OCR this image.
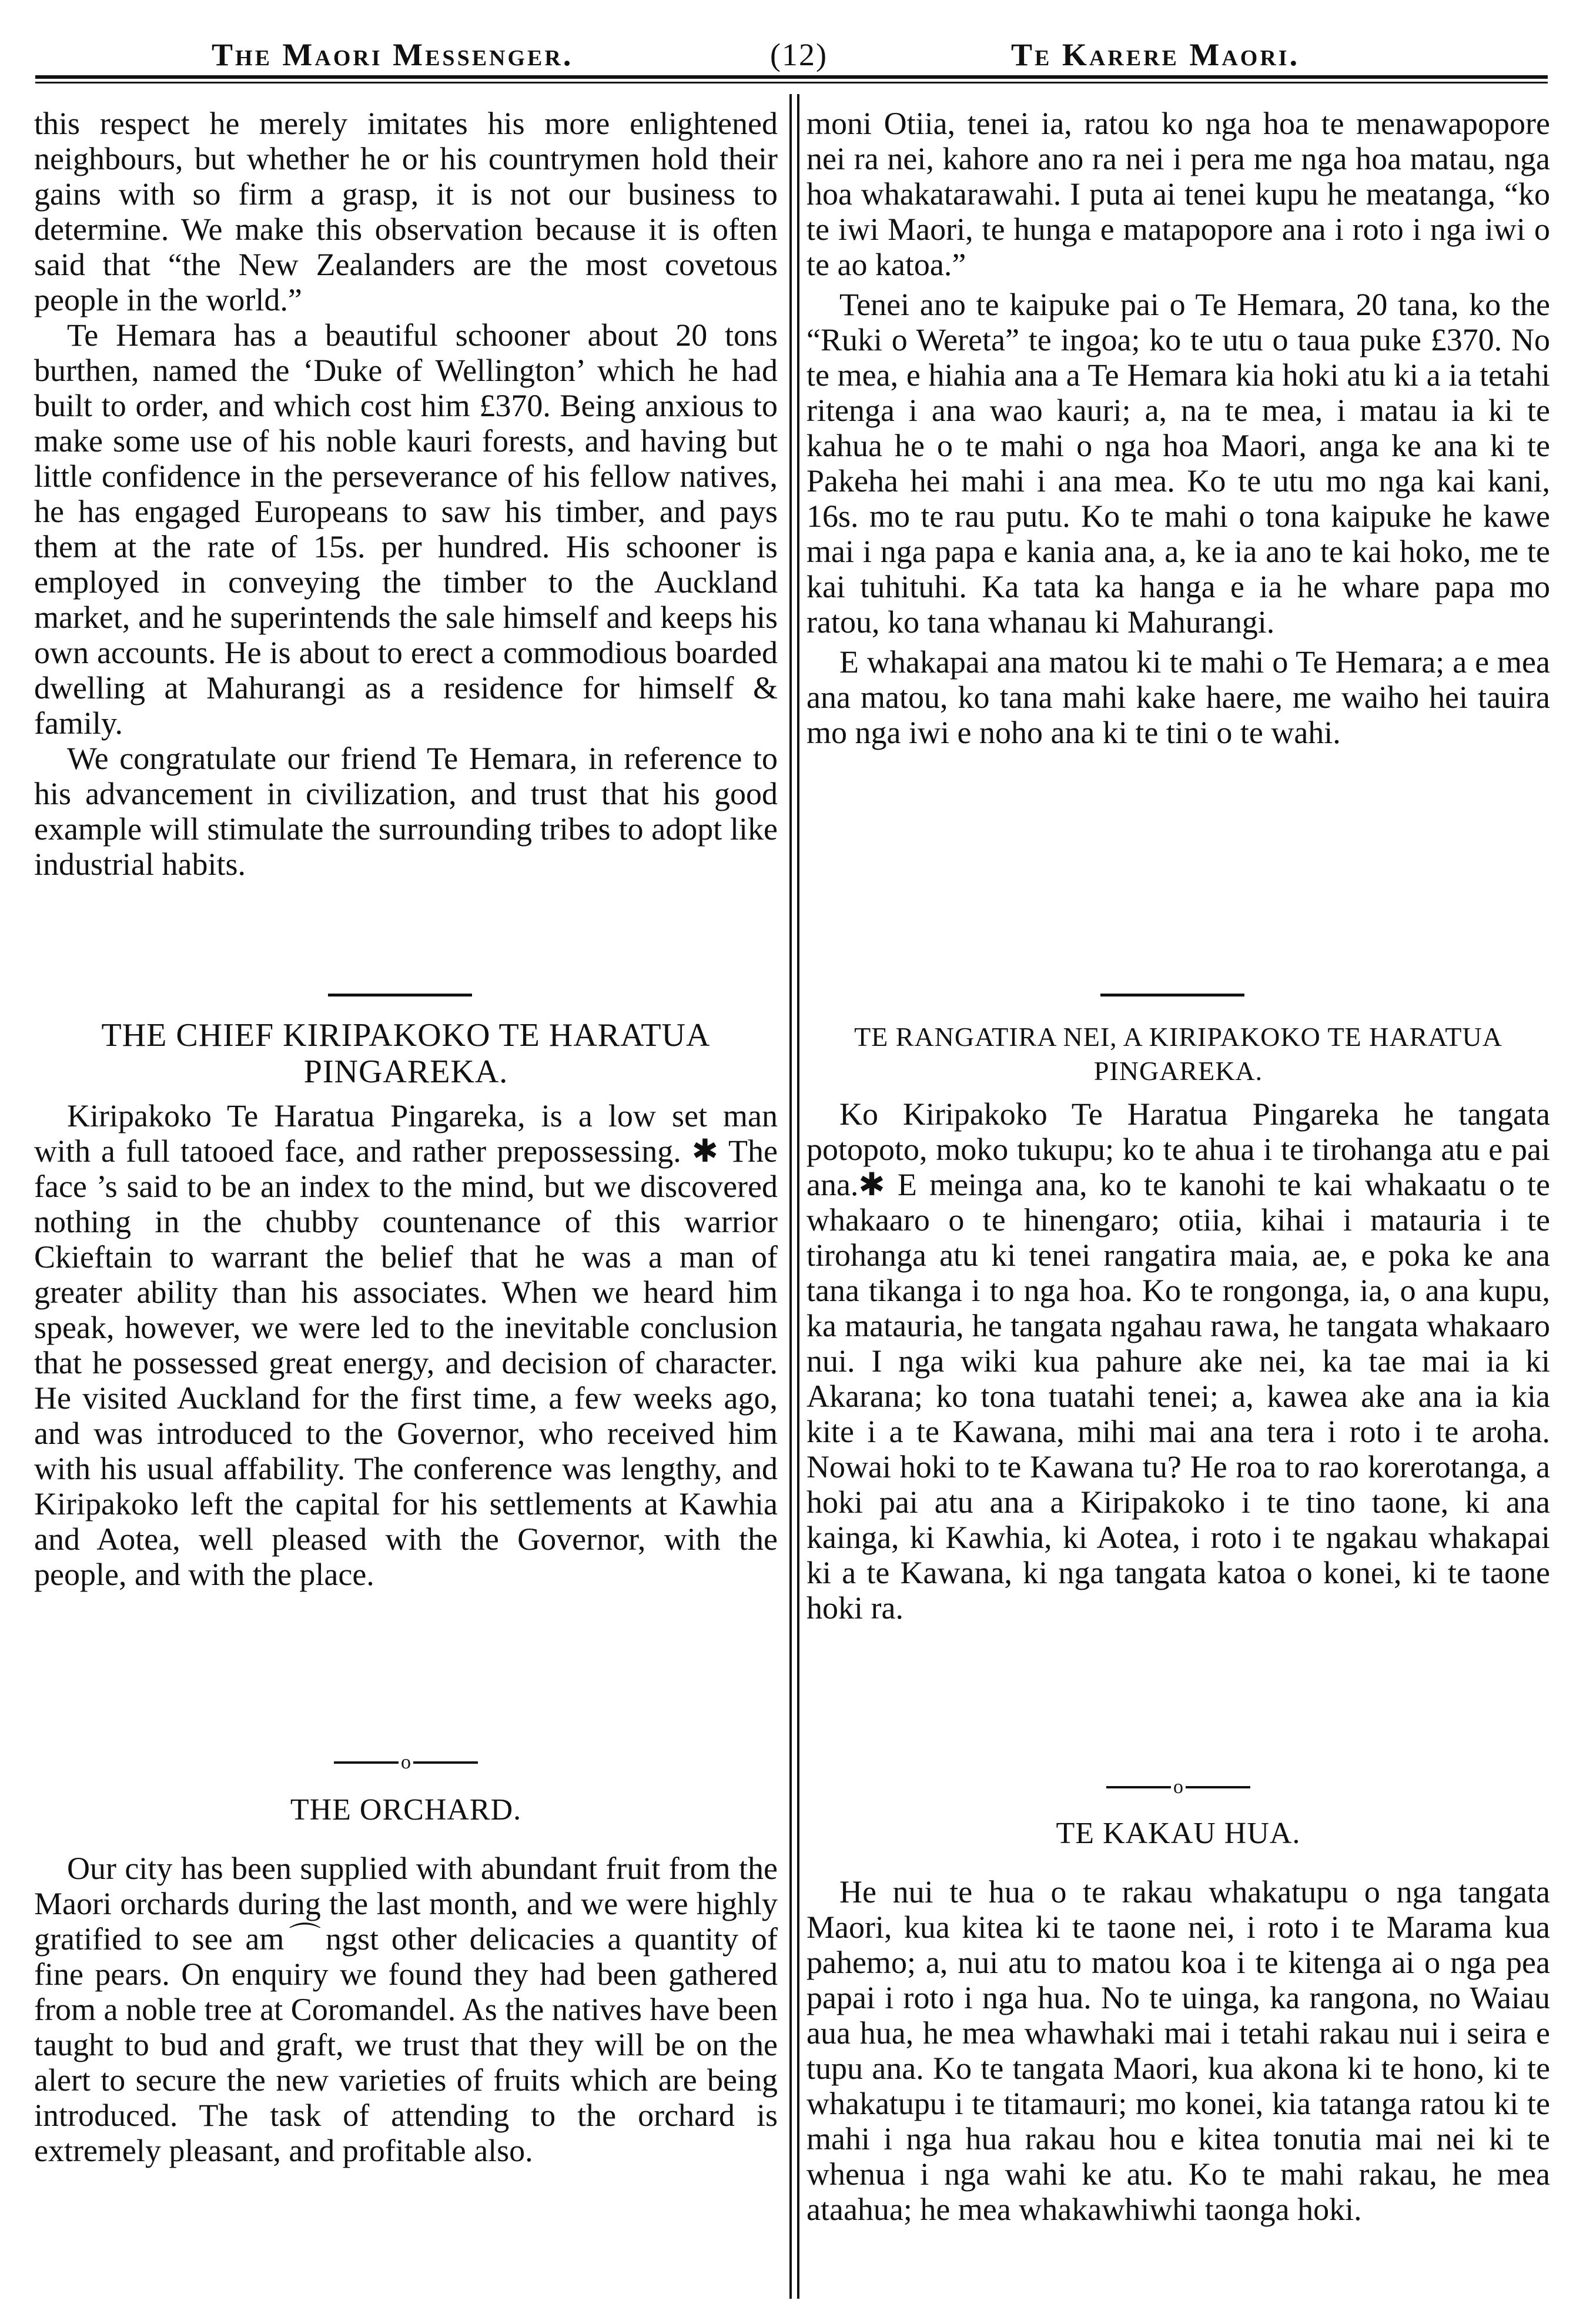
The Maori Messenger.	(12)	Te Karere Maori.

this respect he merely imitates his more enlightened neighbours, but whether he or his countrymen hold their gains with so firm a grasp, it is not our business to determine. We make this observation because it is often said that “the New Zealanders are the most covetous people in the world.”

Te Hemara has a beautiful schooner about 20 tons burthen, named the ‘Duke of Wellington’ which he had built to order, and which cost him £370. Being anxious to make some use of his noble kauri forests, and having but little confidence in the perseverance of his fellow natives, he has engaged Europeans to saw his timber, and pays them at the rate of 15s. per hundred. His schooner is employed in conveying the timber to the Auckland market, and he superintends the sale himself and keeps his own accounts. He is about to erect a commodious boarded dwelling at Mahurangi as a residence for himself & family.

We congratulate our friend Te Hemara, in reference to his advancement in civilization, and trust that his good example will stimulate the surrounding tribes to adopt like industrial habits.

THE CHIEF KIRIPAKOKO TE HARATUA PINGAREKA.

Kiripakoko Te Haratua Pingareka, is a low set man with a full tatooed face, and rather prepossessing. ✱ The face ’s said to be an index to the mind, but we discovered nothing in the chubby countenance of this warrior Ckieftain to warrant the belief that he was a man of greater ability than his associates. When we heard him speak, however, we were led to the inevitable conclusion that he possessed great energy, and decision of character. He visited Auckland for the first time, a few weeks ago, and was introduced to the Governor, who received him with his usual affability. The conference was lengthy, and Kiripakoko left the capital for his settlements at Kawhia and Aotea, well pleased with the Governor, with the people, and with the place.

o
THE ORCHARD.

Our city has been supplied with abundant fruit from the Maori orchards during the last month, and we were highly gratified to see am⌒ngst other delicacies a quantity of fine pears. On enquiry we found they had been gathered from a noble tree at Coromandel. As the natives have been taught to bud and graft, we trust that they will be on the alert to secure the new varieties of fruits which are being introduced. The task of attending to the orchard is extremely pleasant, and profitable also.

moni Otiia, tenei ia, ratou ko nga hoa te menawapopore nei ra nei, kahore ano ra nei i pera me nga hoa matau, nga hoa whakatarawahi. I puta ai tenei kupu he meatanga, “ko te iwi Maori, te hunga e matapopore ana i roto i nga iwi o te ao katoa.”

Tenei ano te kaipuke pai o Te Hemara, 20 tana, ko the “Ruki o Wereta” te ingoa; ko te utu o taua puke £370. No te mea, e hiahia ana a Te Hemara kia hoki atu ki a ia tetahi ritenga i ana wao kauri; a, na te mea, i matau ia ki te kahua he o te mahi o nga hoa Maori, anga ke ana ki te Pakeha hei mahi i ana mea. Ko te utu mo nga kai kani, 16s. mo te rau putu. Ko te mahi o tona kaipuke he kawe mai i nga papa e kania ana, a, ke ia ano te kai hoko, me te kai tuhituhi. Ka tata ka hanga e ia he whare papa mo ratou, ko tana whanau ki Mahurangi.

E whakapai ana matou ki te mahi o Te Hemara; a e mea ana matou, ko tana mahi kake haere, me waiho hei tauira mo nga iwi e noho ana ki te tini o te wahi.

TE RANGATIRA NEI, A KIRIPAKOKO TE HARATUA PINGAREKA.

Ko Kiripakoko Te Haratua Pingareka he tangata potopoto, moko tukupu; ko te ahua i te tirohanga atu e pai ana.✱ E meinga ana, ko te kanohi te kai whakaatu o te whakaaro o te hinengaro; otiia, kihai i matauria i te tirohanga atu ki tenei rangatira maia, ae, e poka ke ana tana tikanga i to nga hoa. Ko te rongonga, ia, o ana kupu, ka matauria, he tangata ngahau rawa, he tangata whakaaro nui. I nga wiki kua pahure ake nei, ka tae mai ia ki Akarana; ko tona tuatahi tenei; a, kawea ake ana ia kia kite i a te Kawana, mihi mai ana tera i roto i te aroha. Nowai hoki to te Kawana tu? He roa to rao korerotanga, a hoki pai atu ana a Kiripakoko i te tino taone, ki ana kainga, ki Kawhia, ki Aotea, i roto i te ngakau whakapai ki a te Kawana, ki nga tangata katoa o konei, ki te taone hoki ra.

o
TE KAKAU HUA.

He nui te hua o te rakau whakatupu o nga tangata Maori, kua kitea ki te taone nei, i roto i te Marama kua pahemo; a, nui atu to matou koa i te kitenga ai o nga pea papai i roto i nga hua. No te uinga, ka rangona, no Waiau aua hua, he mea whawhaki mai i tetahi rakau nui i seira e tupu ana. Ko te tangata Maori, kua akona ki te hono, ki te whakatupu i te titamauri; mo konei, kia tatanga ratou ki te mahi i nga hua rakau hou e kitea tonutia mai nei ki te whenua i nga wahi ke atu. Ko te mahi rakau, he mea ataahua; he mea whakawhiwhi taonga hoki.
